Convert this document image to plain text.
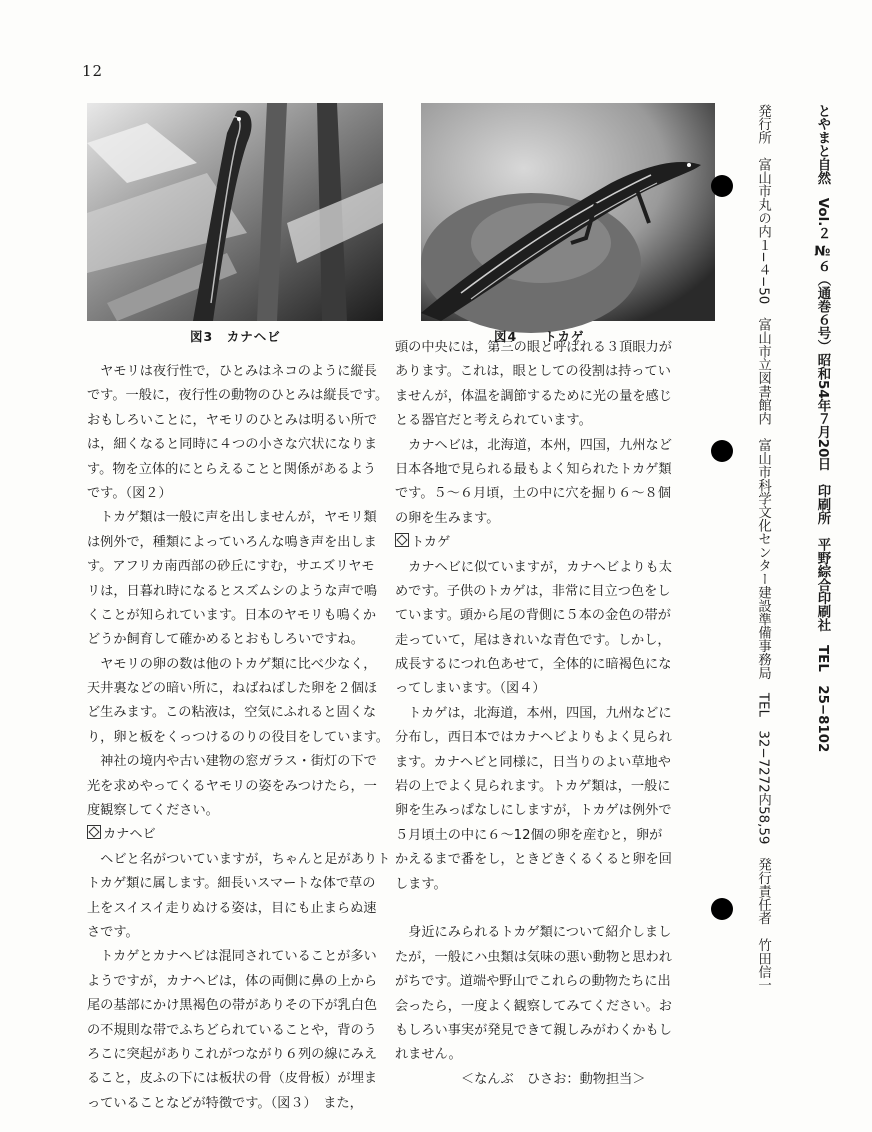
12
図3　カナヘビ	図4　　トカゲ
　ヤモリは夜行性で，ひとみはネコのように縦長
です。一般に，夜行性の動物のひとみは縦長です。
おもしろいことに，ヤモリのひとみは明るい所で
は，細くなると同時に４つの小さな穴状になりま
す。物を立体的にとらえることと関係があるよう
です。（図２）
　トカゲ類は一般に声を出しませんが，ヤモリ類
は例外で，種類によっていろんな鳴き声を出しま
す。アフリカ南西部の砂丘にすむ，サエズリヤモ
リは，日暮れ時になるとスズムシのような声で鳴
くことが知られています。日本のヤモリも鳴くか
どうか飼育して確かめるとおもしろいですね。
　ヤモリの卵の数は他のトカゲ類に比べ少なく，
天井裏などの暗い所に，ねばねばした卵を２個ほ
ど生みます。この粘液は，空気にふれると固くな
り，卵と板をくっつけるのりの役目をしています。
　神社の境内や古い建物の窓ガラス・街灯の下で
光を求めやってくるヤモリの姿をみつけたら，一
度観察してください。
カナヘビ
　ヘビと名がついていますが，ちゃんと足がありト
トカゲ類に属します。細長いスマートな体で草の
上をスイスイ走りぬける姿は，目にも止まらぬ速
さです。
　トカゲとカナヘビは混同されていることが多い
ようですが，カナヘビは，体の両側に鼻の上から
尾の基部にかけ黒褐色の帯がありその下が乳白色
の不規則な帯でふちどられていることや，背のう
ろこに突起がありこれがつながり６列の線にみえ
ること，皮ふの下には板状の骨（皮骨板）が埋ま
っていることなどが特徴です。（図３）　また，
頭の中央には，第三の眼と呼ばれる３頂眼力が
あります。これは，眼としての役割は持ってい
ませんが，体温を調節するために光の量を感じ
とる器官だと考えられています。
　カナヘビは，北海道，本州，四国，九州など
日本各地で見られる最もよく知られたトカゲ類
です。５〜６月頃，土の中に穴を掘り６〜８個
の卵を生みます。
トカゲ
　カナヘビに似ていますが，カナヘビよりも太
めです。子供のトカゲは，非常に目立つ色をし
ています。頭から尾の背側に５本の金色の帯が
走っていて，尾はきれいな青色です。しかし，
成長するにつれ色あせて，全体的に暗褐色にな
ってしまいます。（図４）
　トカゲは，北海道，本州，四国，九州などに
分布し，西日本ではカナヘビよりもよく見られ
ます。カナヘビと同様に，日当りのよい草地や
岩の上でよく見られます。トカゲ類は，一般に
卵を生みっぱなしにしますが，トカゲは例外で
５月頃土の中に６〜12個の卵を産むと，卵が
かえるまで番をし，ときどきくるくると卵を回
します。
　身近にみられるトカゲ類について紹介しまし
たが，一般にハ虫類は気味の悪い動物と思われ
がちです。道端や野山でこれらの動物たちに出
会ったら，一度よく観察してみてください。お
もしろい事実が発見できて親しみがわくかもし
れません。
　　　　　＜なんぶ　ひさお：動物担当＞

とやまと自然　Vol.２ №６（通巻６号）昭和54年７月20日　印刷所　平野綜合印刷社　TEL　25−8102

発行所　富山市丸の内１−４−50　富山市立図書館内　富山市科学文化センター建設準備事務局　TEL　32−7272内58,59　発行責任者　竹田信一
